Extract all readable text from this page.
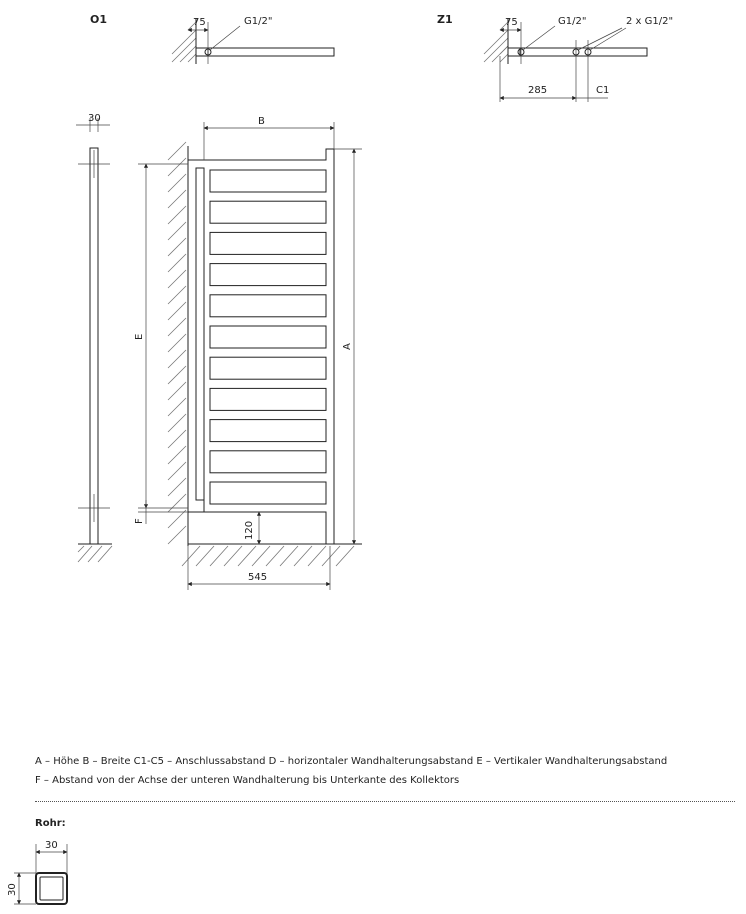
O1	75	G1/2"	Z1	75	G1/2"	2 x G1/2"
285	C1
30	B
A
E
F	120
545
30
30
A – Höhe B – Breite C1-C5 – Anschlussabstand D – horizontaler Wandhalterungsabstand E – Vertikaler Wandhalterungsabstand
F – Abstand von der Achse der unteren Wandhalterung bis Unterkante des Kollektors
Rohr:
